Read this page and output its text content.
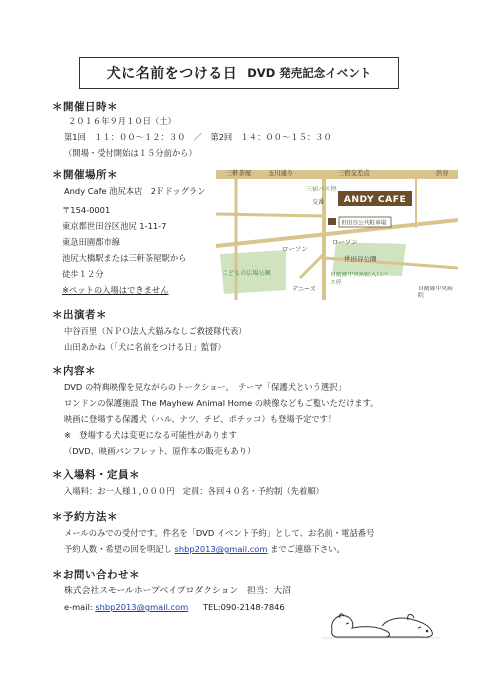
犬に名前をつける日 DVD 発売記念イベント
＊開催日時＊
２０１６年９月１０日（土）
第1回　１１：００〜１２：３０　／　第2回　１４：００〜１５：３０
（開場・受付開始は１５分前から）
＊開催場所＊
Andy Cafe 池尻本店　2Ｆドッグラン
〒154-0001
東京都世田谷区池尻 1-11-7
東急田園都市線
池尻大橋駅または三軒茶屋駅から
徒歩１２分
※ペットの入場はできません
三軒茶屋	玉川通り	三宿交差点	渋谷
三宿バス停
交番 ANDY CAFE
世田谷公共駐車場
ローソン
ローソン
世田谷公園
こどもの広場公園
デニーズ
自衛隊中央病院入口バス停
自衛隊中央病院
＊出演者＊
中谷百里（ＮＰＯ法人犬猫みなしご救援隊代表）
山田あかね（「犬に名前をつける日」監督）
＊内容＊
DVD の特典映像を見ながらのトークショー。　テーマ「保護犬という選択」
ロンドンの保護施設 The Mayhew Animal Home の映像などもご覧いただけます。
映画に登場する保護犬（ハル、ナツ、チビ、ポチッコ）も登場予定です！
※　登場する犬は変更になる可能性があります
（DVD、映画パンフレット、原作本の販売もあり）
＊入場料・定員＊
入場料：お一人様１,０００円　定員：各回４０名・予約制（先着順）
＊予約方法＊
メールのみでの受付です。件名を「DVD イベント予約」として、お名前・電話番号
予約人数・希望の回を明記し shbp2013@gmail.com までご連絡下さい。
＊お問い合わせ＊
株式会社スモールホープベイプロダクション　担当：大沼
e-mail: shbp2013@gmail.com TEL:090-2148-7846
